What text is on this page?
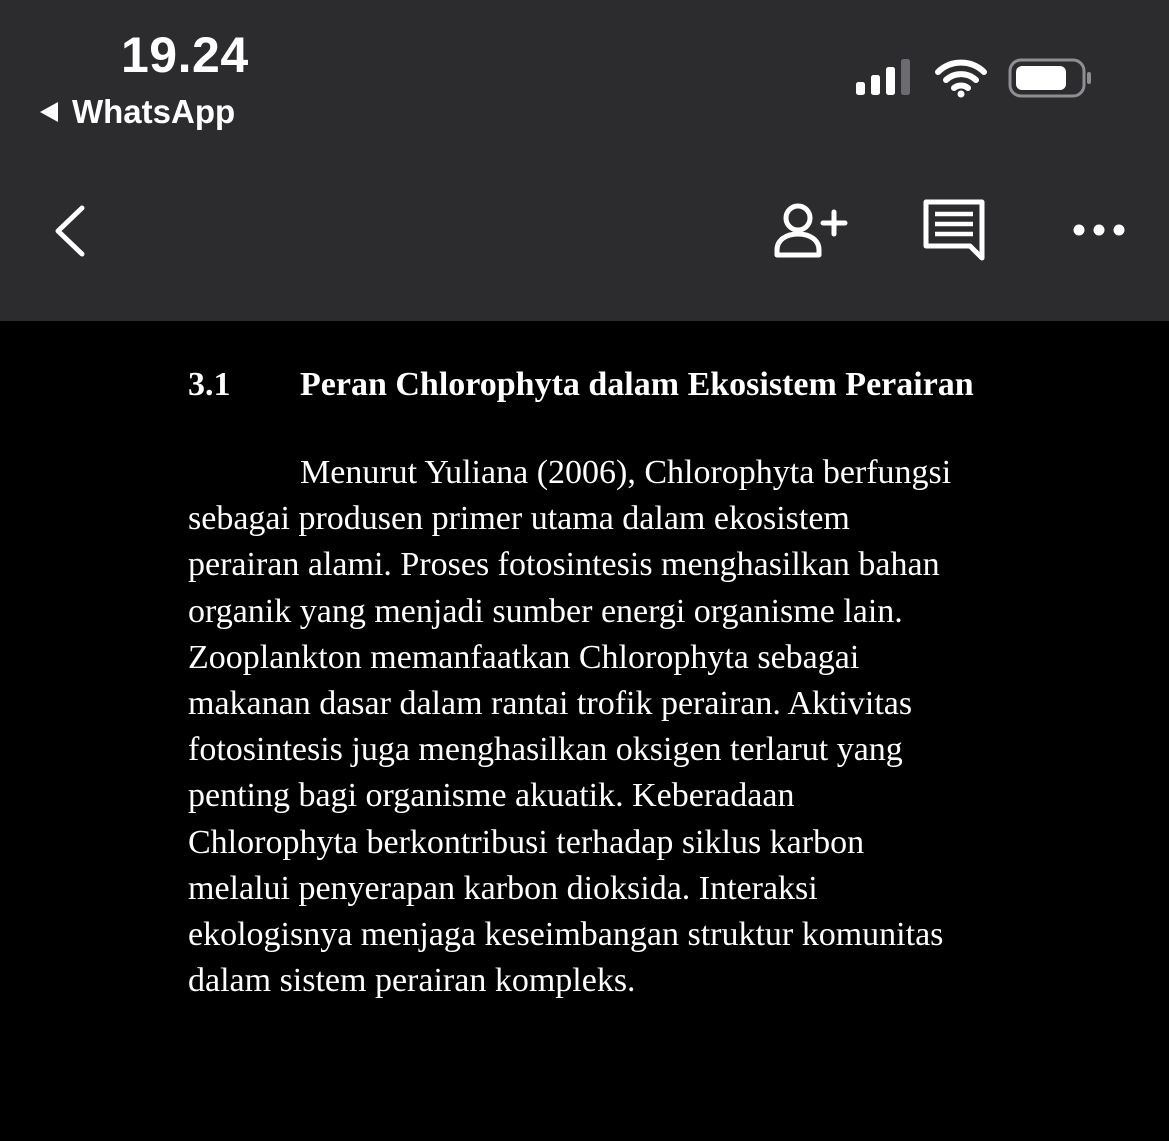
19.24
WhatsApp
3.1 Peran Chlorophyta dalam Ekosistem Perairan

Menurut Yuliana (2006), Chlorophyta berfungsi sebagai produsen primer utama dalam ekosistem perairan alami. Proses fotosintesis menghasilkan bahan organik yang menjadi sumber energi organisme lain. Zooplankton memanfaatkan Chlorophyta sebagai makanan dasar dalam rantai trofik perairan. Aktivitas fotosintesis juga menghasilkan oksigen terlarut yang penting bagi organisme akuatik. Keberadaan Chlorophyta berkontribusi terhadap siklus karbon melalui penyerapan karbon dioksida. Interaksi ekologisnya menjaga keseimbangan struktur komunitas dalam sistem perairan kompleks.
